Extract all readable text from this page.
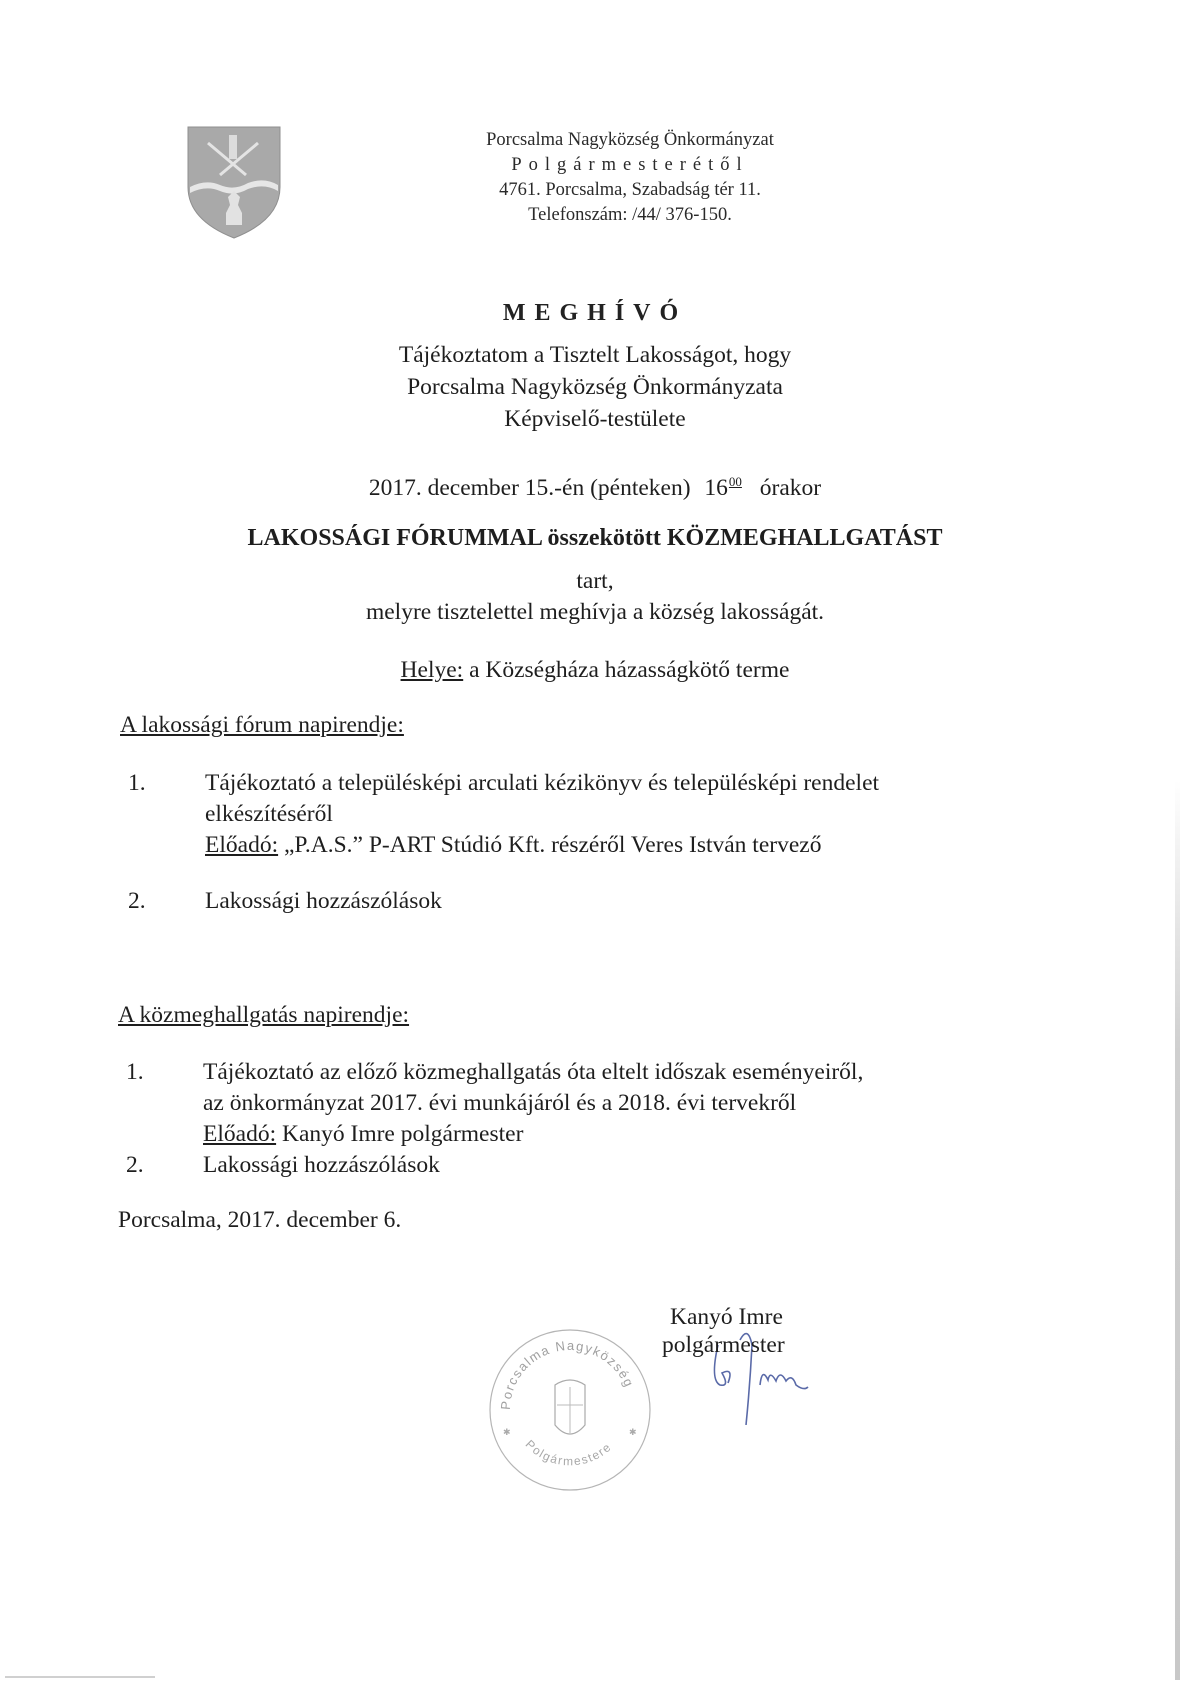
Porcsalma Nagyközség Önkormányzat
Polgármesterétől
4761. Porcsalma, Szabadság tér 11.
Telefonszám: /44/ 376-150.
MEGHÍVÓ
Tájékoztatom a Tisztelt Lakosságot, hogy
Porcsalma Nagyközség Önkormányzata
Képviselő-testülete
2017. december 15.-én (pénteken) $16^{00}$ órakor
LAKOSSÁGI FÓRUMMAL összekötött KÖZMEGHALLGATÁST
tart,
melyre tisztelettel meghívja a község lakosságát.
Helye: a Községháza házasságkötő terme
A lakossági fórum napirendje:
1.	Tájékoztató a településképi arculati kézikönyv és településképi rendelet
elkészítéséről
Előadó: „P.A.S.” P-ART Stúdió Kft. részéről Veres István tervező
2.	Lakossági hozzászólások
A közmeghallgatás napirendje:
1.	Tájékoztató az előző közmeghallgatás óta eltelt időszak eseményeiről,
az önkormányzat 2017. évi munkájáról és a 2018. évi tervekről
Előadó: Kanyó Imre polgármester
2.	Lakossági hozzászólások
Porcsalma, 2017. december 6.
Porcsalma Nagyközség
Polgármestere
✱	✱
Kanyó Imre
polgármester
